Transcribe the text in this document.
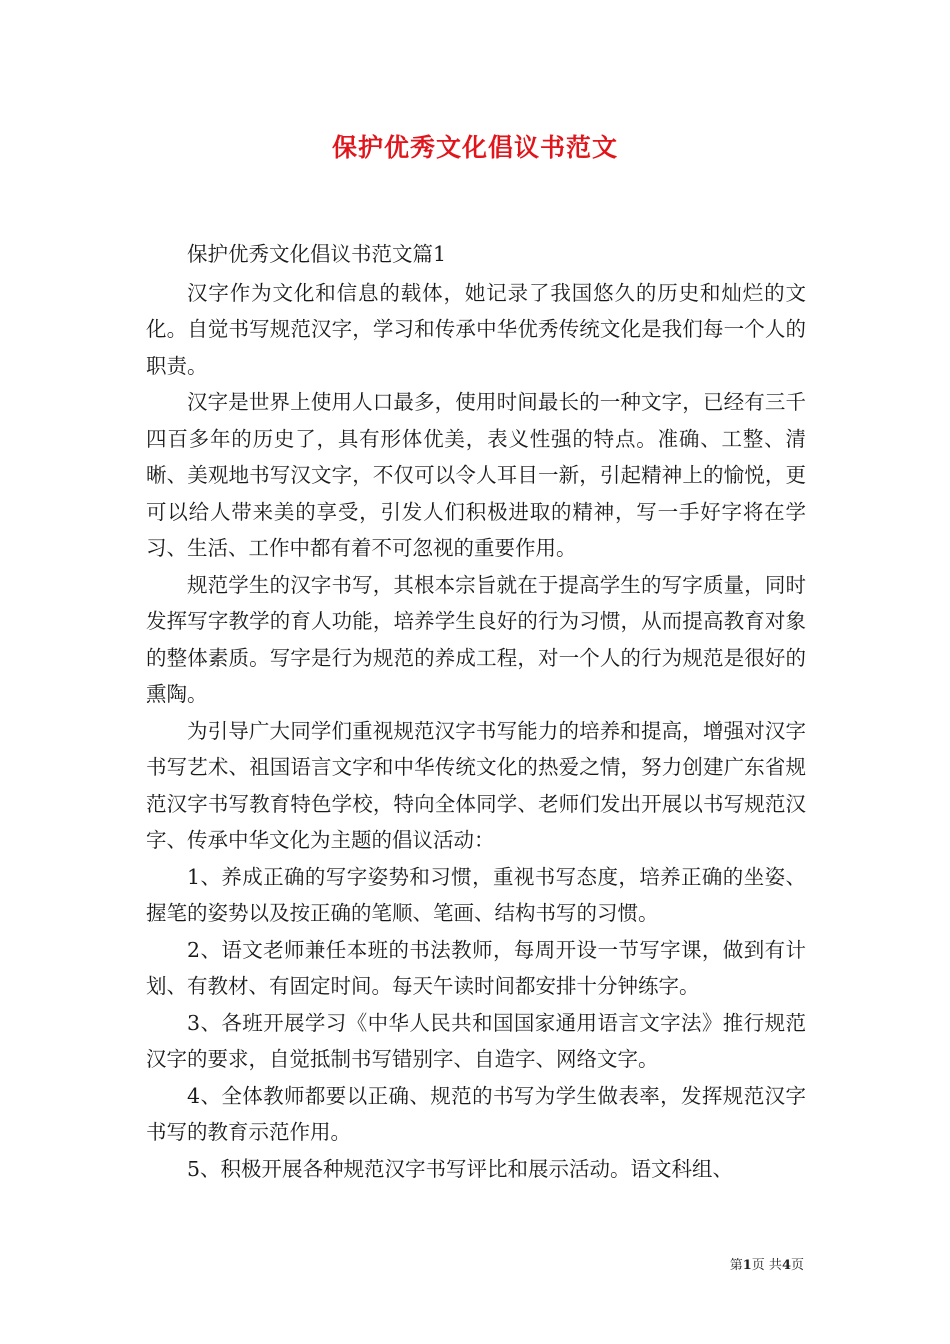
保护优秀文化倡议书范文

保护优秀文化倡议书范文篇1

汉字作为文化和信息的载体，她记录了我国悠久的历史和灿烂的文化。自觉书写规范汉字，学习和传承中华优秀传统文化是我们每一个人的职责。

汉字是世界上使用人口最多，使用时间最长的一种文字，已经有三千四百多年的历史了，具有形体优美，表义性强的特点。准确、工整、清晰、美观地书写汉文字，不仅可以令人耳目一新，引起精神上的愉悦，更可以给人带来美的享受，引发人们积极进取的精神，写一手好字将在学习、生活、工作中都有着不可忽视的重要作用。

规范学生的汉字书写，其根本宗旨就在于提高学生的写字质量，同时发挥写字教学的育人功能，培养学生良好的行为习惯，从而提高教育对象的整体素质。写字是行为规范的养成工程，对一个人的行为规范是很好的熏陶。

为引导广大同学们重视规范汉字书写能力的培养和提高，增强对汉字书写艺术、祖国语言文字和中华传统文化的热爱之情，努力创建广东省规范汉字书写教育特色学校，特向全体同学、老师们发出开展以书写规范汉字、传承中华文化为主题的倡议活动：

1、养成正确的写字姿势和习惯，重视书写态度，培养正确的坐姿、握笔的姿势以及按正确的笔顺、笔画、结构书写的习惯。

2、语文老师兼任本班的书法教师，每周开设一节写字课，做到有计划、有教材、有固定时间。每天午读时间都安排十分钟练字。

3、各班开展学习《中华人民共和国国家通用语言文字法》推行规范汉字的要求，自觉抵制书写错别字、自造字、网络文字。

4、全体教师都要以正确、规范的书写为学生做表率，发挥规范汉字书写的教育示范作用。

5、积极开展各种规范汉字书写评比和展示活动。语文科组、

第1页 共4页
